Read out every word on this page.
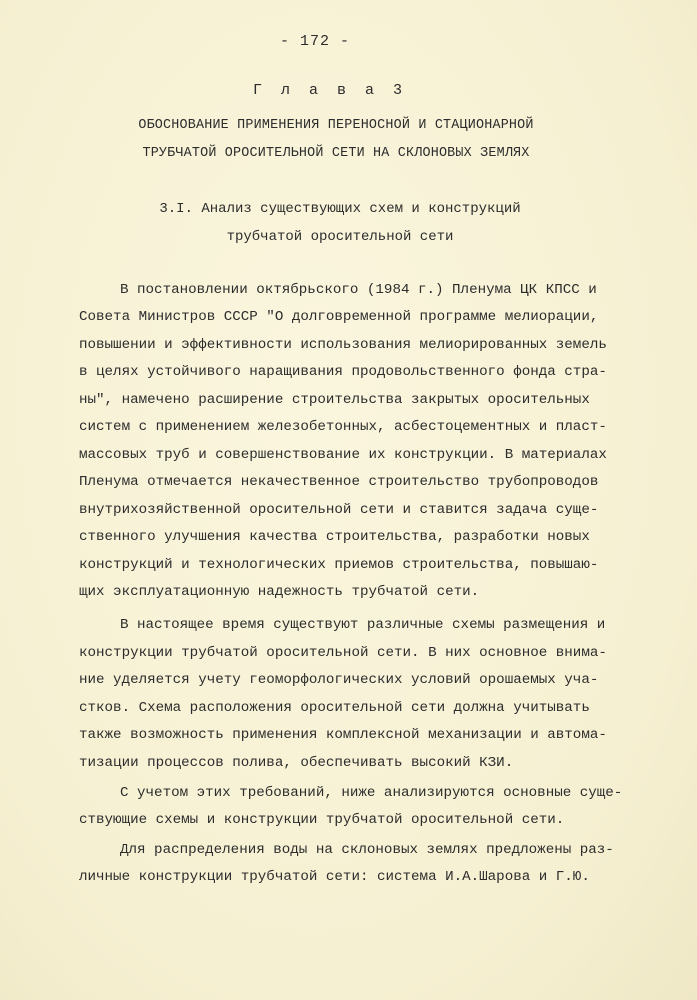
- 172 -
Г л а в а 3
ОБОСНОВАНИЕ ПРИМЕНЕНИЯ ПЕРЕНОСНОЙ И СТАЦИОНАРНОЙ
ТРУБЧАТОЙ ОРОСИТЕЛЬНОЙ СЕТИ НА СКЛОНОВЫХ ЗЕМЛЯХ
3.I. Анализ существующих схем и конструкций
трубчатой оросительной сети
В постановлении октябрьского (1984 г.) Пленума ЦК КПСС и
Совета Министров СССР "О долговременной программе мелиорации,
повышении и эффективности использования мелиорированных земель
в целях устойчивого наращивания продовольственного фонда стра-
ны", намечено расширение строительства закрытых оросительных
систем с применением железобетонных, асбестоцементных и пласт-
массовых труб и совершенствование их конструкции. В материалах
Пленума отмечается некачественное строительство трубопроводов
внутрихозяйственной оросительной сети и ставится задача суще-
ственного улучшения качества строительства, разработки новых
конструкций и технологических приемов строительства, повышаю-
щих эксплуатационную надежность трубчатой сети.
В настоящее время существуют различные схемы размещения и
конструкции трубчатой оросительной сети. В них основное внима-
ние уделяется учету геоморфологических условий орошаемых уча-
стков. Схема расположения оросительной сети должна учитывать
также возможность применения комплексной механизации и автома-
тизации процессов полива, обеспечивать высокий КЗИ.
С учетом этих требований, ниже анализируются основные суще-
ствующие схемы и конструкции трубчатой оросительной сети.
Для распределения воды на склоновых землях предложены раз-
личные конструкции трубчатой сети: система И.А.Шарова и Г.Ю.
